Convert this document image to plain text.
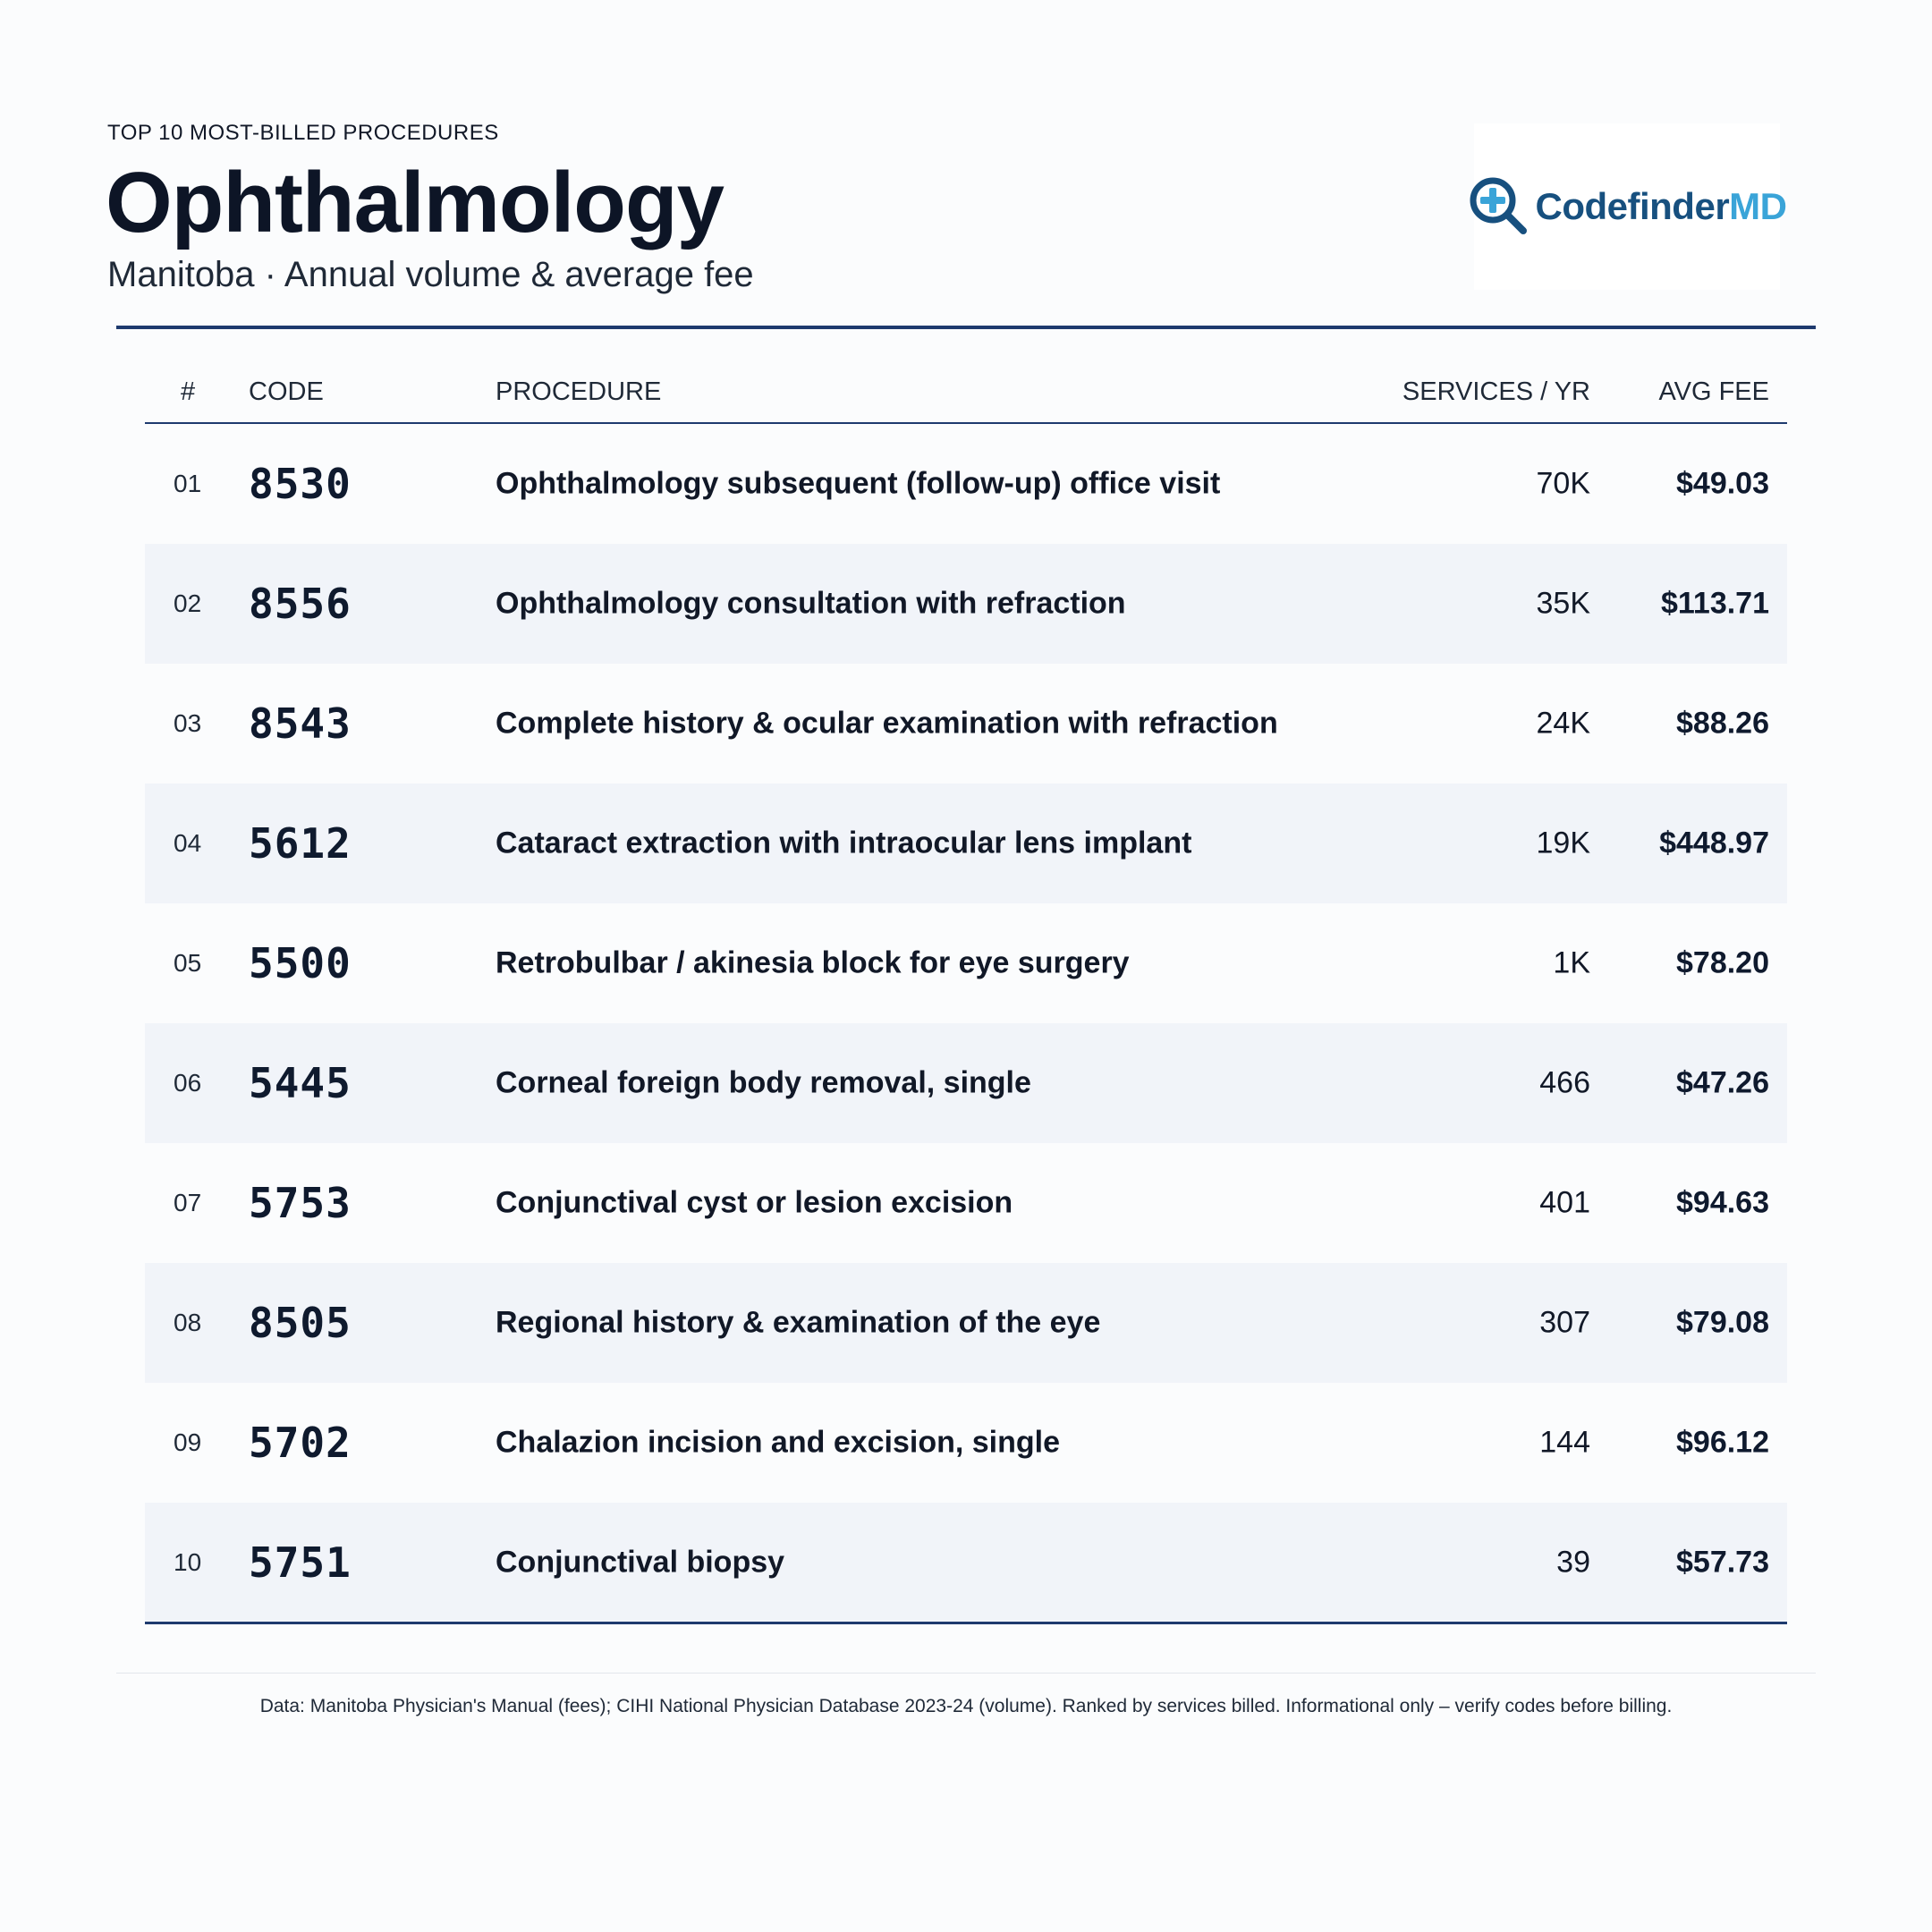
TOP 10 MOST-BILLED PROCEDURES
Ophthalmology
Manitoba · Annual volume & average fee
CodefinderMD
# CODE	PROCEDURE	SERVICES / YR	AVG FEE
01 8530	Ophthalmology subsequent (follow-up) office visit	70K	$49.03
02 8556	Ophthalmology consultation with refraction	35K $113.71
03 8543	Complete history & ocular examination with refraction	24K	$88.26
04 5612	Cataract extraction with intraocular lens implant	19K $448.97
05 5500	Retrobulbar / akinesia block for eye surgery	1K	$78.20
06 5445	Corneal foreign body removal, single	466	$47.26
07 5753	Conjunctival cyst or lesion excision	401	$94.63
08 8505	Regional history & examination of the eye	307	$79.08
09 5702	Chalazion incision and excision, single	144	$96.12
10 5751	Conjunctival biopsy	39	$57.73
Data: Manitoba Physician's Manual (fees); CIHI National Physician Database 2023-24 (volume). Ranked by services billed. Informational only – verify codes before billing.
